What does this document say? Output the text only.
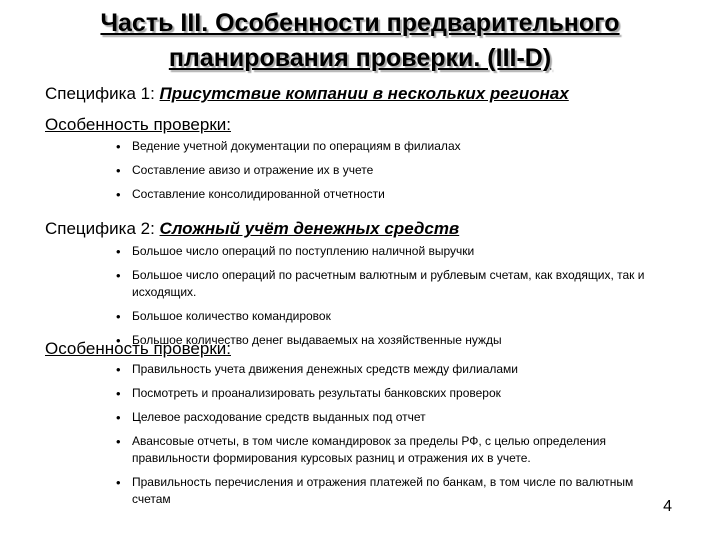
Часть III. Особенности предварительного
планирования проверки. (III-D)
Специфика 1: Присутствие компании в нескольких регионах
Особенность проверки:
• Ведение учетной документации по операциям в филиалах
• Составление авизо и отражение их в учете
• Составление консолидированной отчетности
Специфика 2: Сложный учёт денежных средств
• Большое число операций по поступлению наличной выручки
• Большое число операций по расчетным валютным и рублевым счетам, как входящих, так и исходящих.
• Большое количество командировок
• Большое количество денег выдаваемых на хозяйственные нужды
Особенность проверки:
• Правильность учета движения денежных средств между филиалами
• Посмотреть и проанализировать результаты банковских проверок
• Целевое расходование средств выданных под отчет
• Авансовые отчеты, в том числе командировок за пределы РФ, с целью определения правильности формирования курсовых разниц и отражения их в учете.
• Правильность перечисления и отражения платежей по банкам, в том числе по валютным счетам	4
